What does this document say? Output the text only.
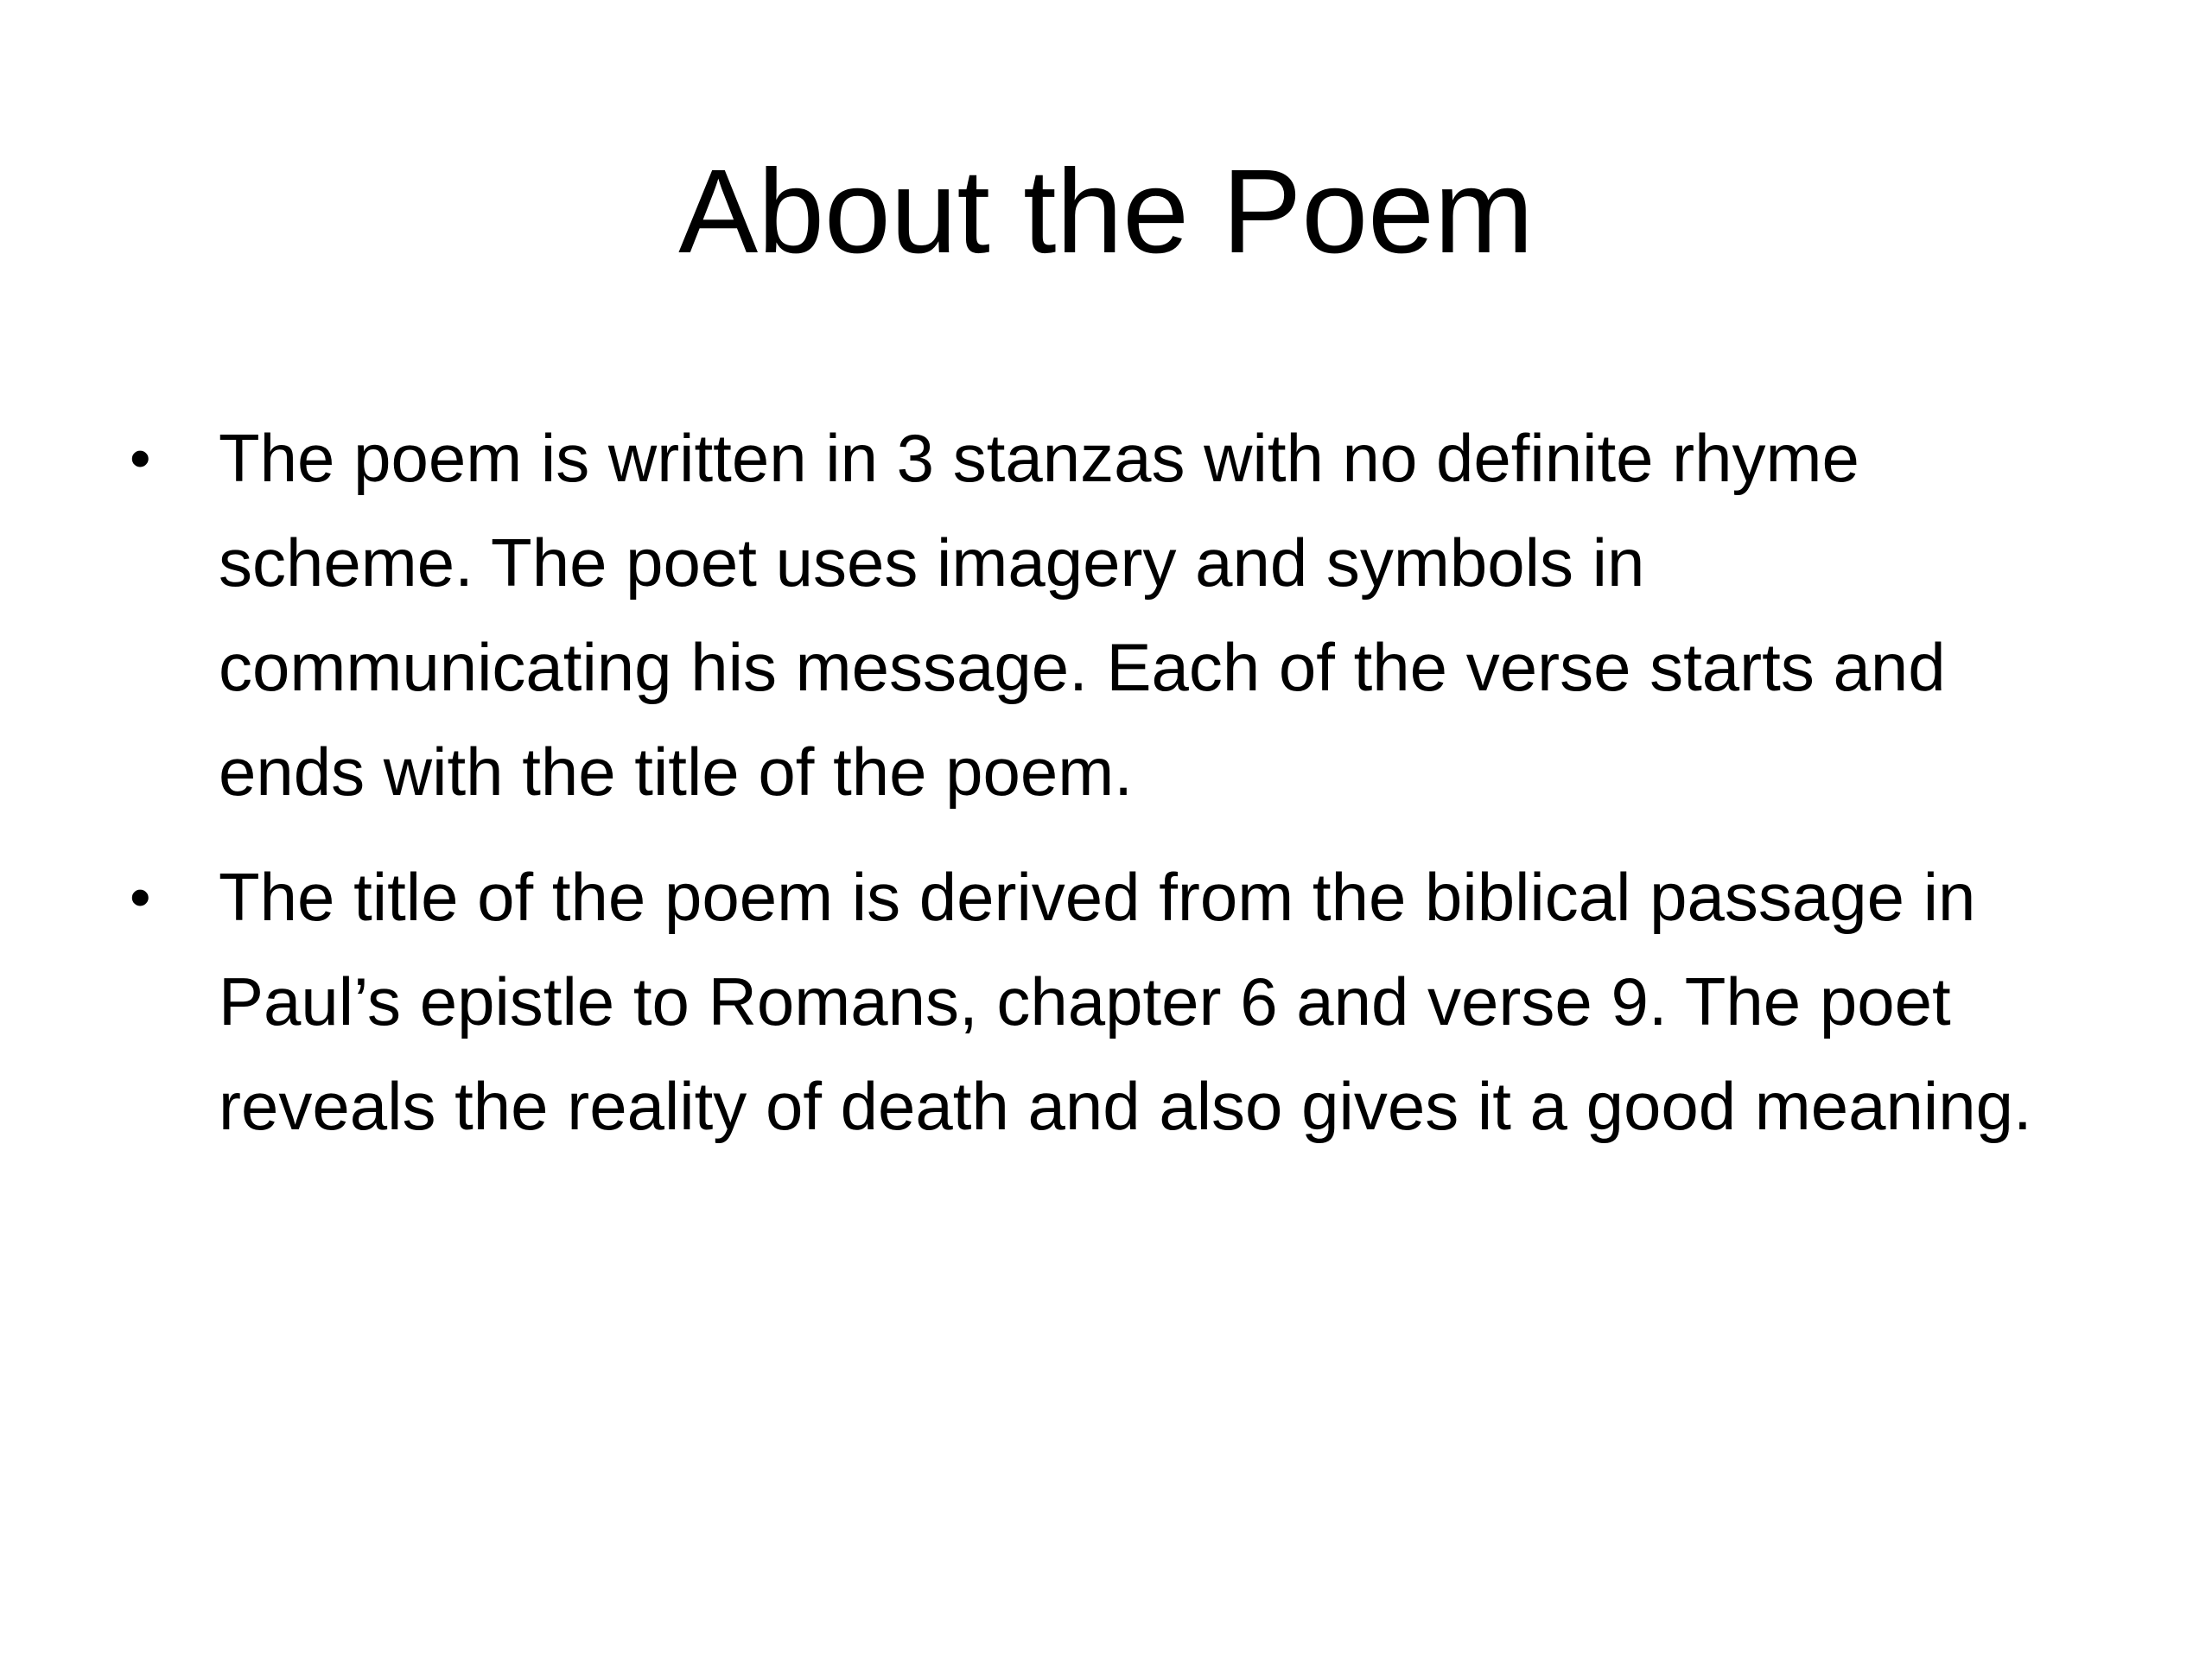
About the Poem
•	The poem is written in 3 stanzas with no definite rhyme scheme. The poet uses imagery and symbols in communicating his message. Each of the verse starts and ends with the title of the poem.
•	The title of the poem is derived from the biblical passage in Paul’s epistle to Romans, chapter 6 and verse 9. The poet reveals the reality of death and also gives it a good meaning.
